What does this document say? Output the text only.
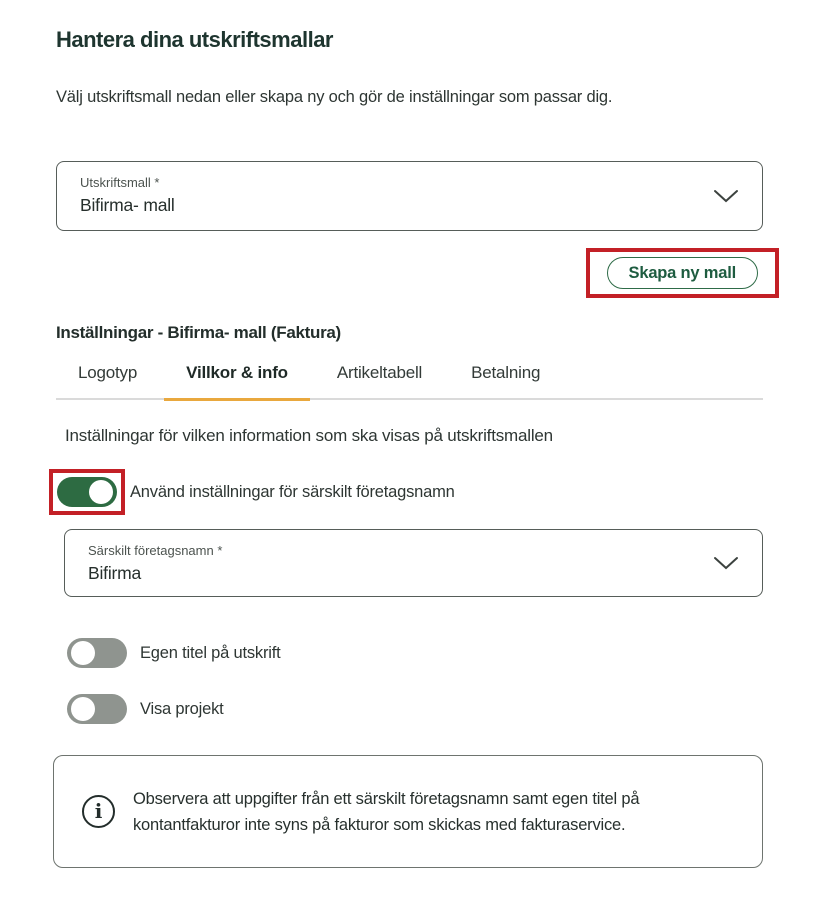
Hantera dina utskriftsmallar

Välj utskriftsmall nedan eller skapa ny och gör de inställningar som passar dig.

Utskriftsmall *
Bifirma- mall
Skapa ny mall
Inställningar - Bifirma- mall (Faktura)
Logotyp	Villkor & info	Artikeltabell	Betalning

Inställningar för vilken information som ska visas på utskriftsmallen

Använd inställningar för särskilt företagsnamn
Särskilt företagsnamn *
Bifirma
Egen titel på utskrift
Visa projekt
i	Observera att uppgifter från ett särskilt företagsnamn samt egen titel på kontantfakturor inte syns på fakturor som skickas med fakturaservice.
